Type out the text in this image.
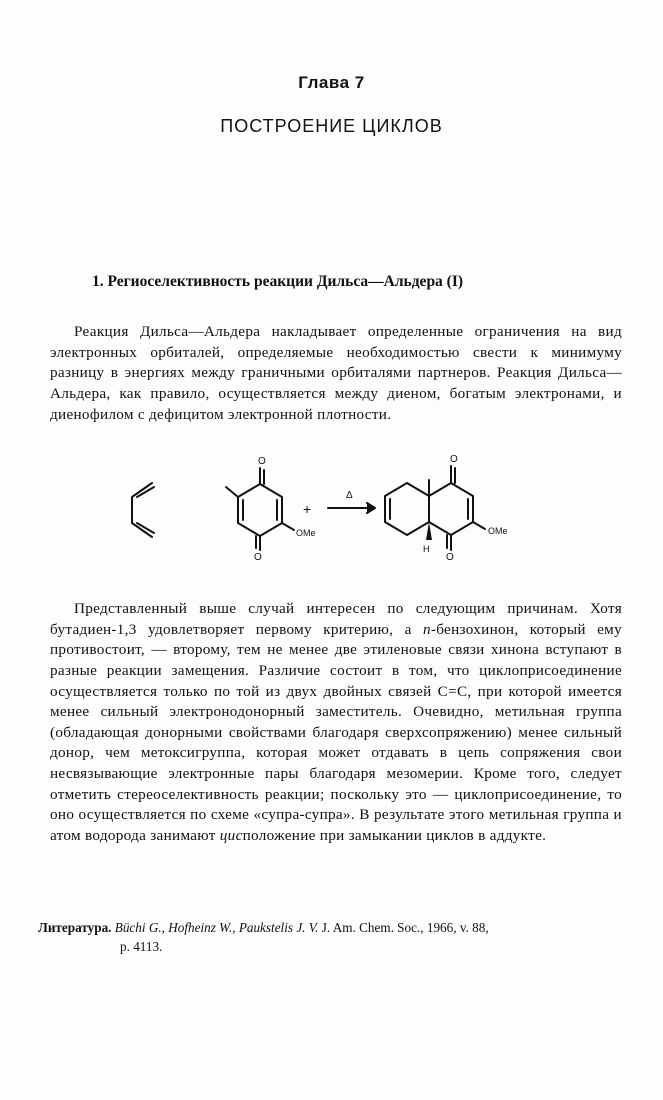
Глава 7
ПОСТРОЕНИЕ ЦИКЛОВ
1. Региоселективность реакции Дильса—Альдера (I)

Реакция Дильса—Альдера накладывает определенные ограничения на вид электронных орбиталей, определяемые необходимостью свести к минимуму разницу в энергиях между граничными орбиталями партнеров. Реакция Дильса—Альдера, как правило, осуществляется между диеном, богатым электронами, и диенофилом с дефицитом электронной плотности.

+
Δ
O
O
OMe
O
O
OMe
H

Представленный выше случай интересен по следующим причинам. Хотя бутадиен-1,3 удовлетворяет первому критерию, а n-бензохинон, который ему противостоит, — второму, тем не менее две этиленовые связи хинона вступают в разные реакции замещения. Различие состоит в том, что циклоприсоединение осуществляется только по той из двух двойных связей C=C, при которой имеется менее сильный электронодонорный заместитель. Очевидно, метильная группа (обладающая донорными свойствами благодаря сверхсопряжению) менее сильный донор, чем метоксигруппа, которая может отдавать в цепь сопряжения свои несвязывающие электронные пары благодаря мезомерии. Кроме того, следует отметить стереоселективность реакции; поскольку это — циклоприсоединение, то оно осуществляется по схеме «супра-супра». В результате этого метильная группа и атом водорода занимают цисположение при замыкании циклов в аддукте.

Литература. Büchi G., Hofheinz W., Paukstelis J. V. J. Am. Chem. Soc., 1966, v. 88,
p. 4113.
